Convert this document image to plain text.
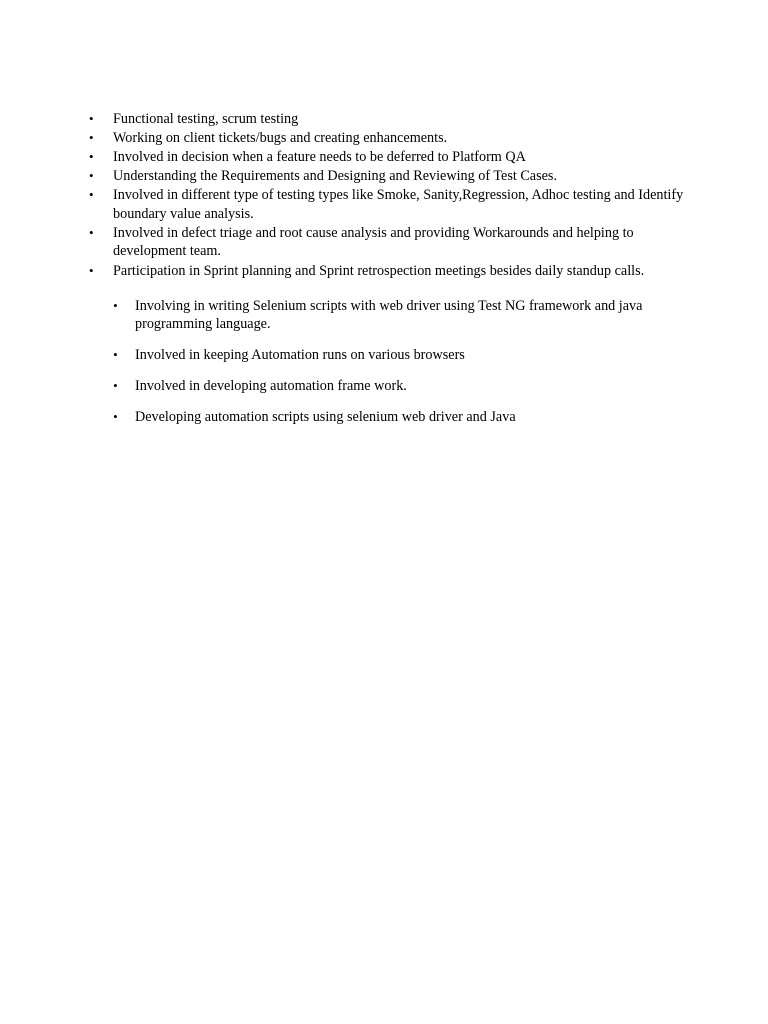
• Functional testing, scrum testing
• Working on client tickets/bugs and creating enhancements.
• Involved in decision when a feature needs to be deferred to Platform QA
• Understanding the Requirements and Designing and Reviewing of Test Cases.
• Involved in different type of testing types like Smoke, Sanity,Regression, Adhoc testing and Identify boundary value analysis.
• Involved in defect triage and root cause analysis and providing Workarounds and helping to development team.
• Participation in Sprint planning and Sprint retrospection meetings besides daily standup calls.
• Involving in writing Selenium scripts with web driver using Test NG framework and java programming language.
• Involved in keeping Automation runs on various browsers
• Involved in developing automation frame work.
• Developing automation scripts using selenium web driver and Java
